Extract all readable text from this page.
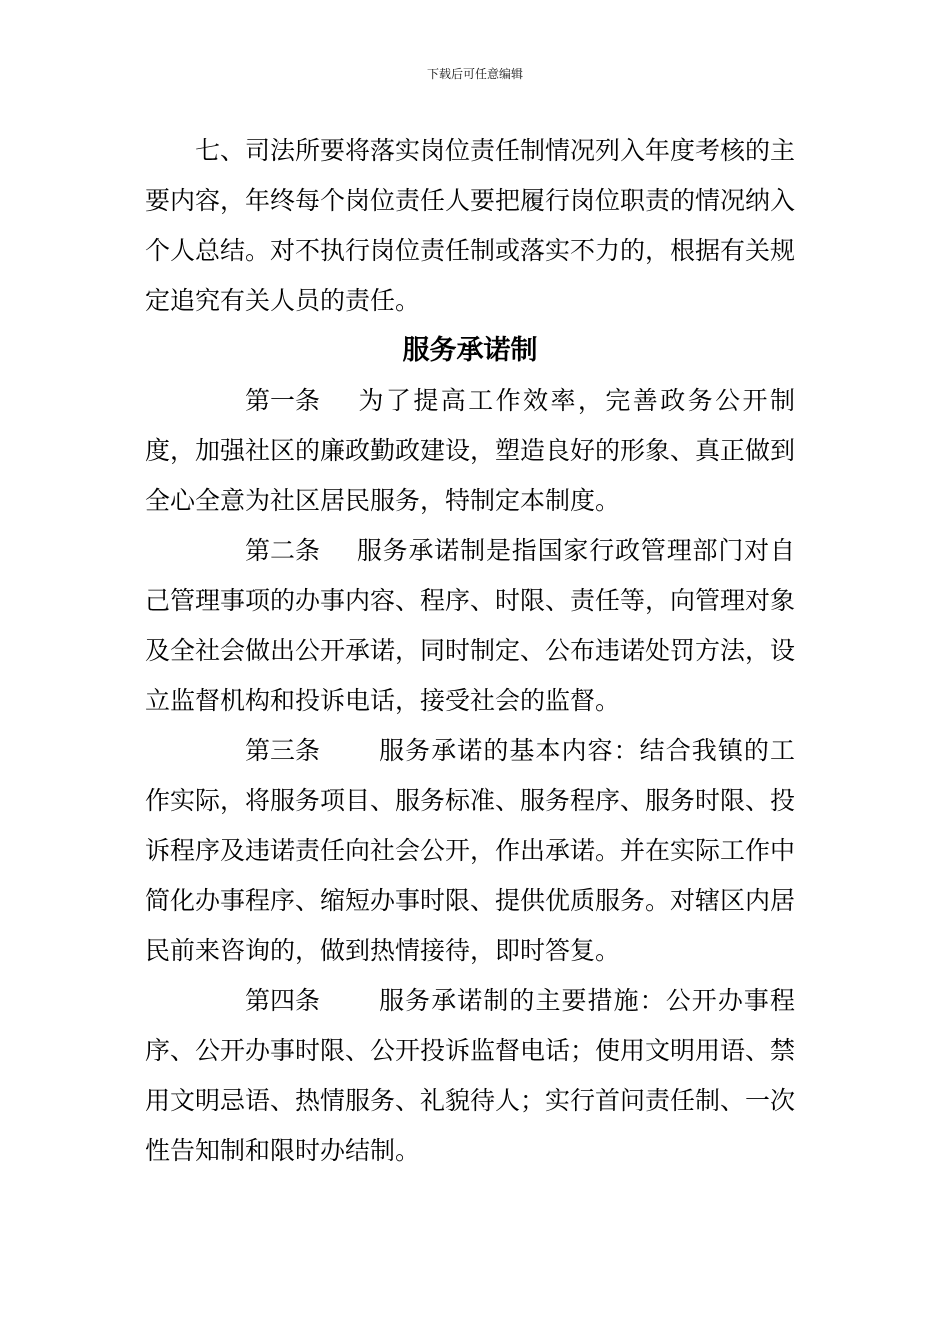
下载后可任意编辑

七、司法所要将落实岗位责任制情况列入年度考核的主要内容，年终每个岗位责任人要把履行岗位职责的情况纳入个人总结。对不执行岗位责任制或落实不力的，根据有关规定追究有关人员的责任。

服务承诺制

第一条 为了提高工作效率，完善政务公开制度，加强社区的廉政勤政建设，塑造良好的形象、真正做到全心全意为社区居民服务，特制定本制度。

第二条 服务承诺制是指国家行政管理部门对自己管理事项的办事内容、程序、时限、责任等，向管理对象及全社会做出公开承诺，同时制定、公布违诺处罚方法，设立监督机构和投诉电话，接受社会的监督。

第三条 服务承诺的基本内容：结合我镇的工作实际，将服务项目、服务标准、服务程序、服务时限、投诉程序及违诺责任向社会公开，作出承诺。并在实际工作中简化办事程序、缩短办事时限、提供优质服务。对辖区内居民前来咨询的，做到热情接待，即时答复。

第四条 服务承诺制的主要措施：公开办事程序、公开办事时限、公开投诉监督电话；使用文明用语、禁用文明忌语、热情服务、礼貌待人；实行首问责任制、一次性告知制和限时办结制。
